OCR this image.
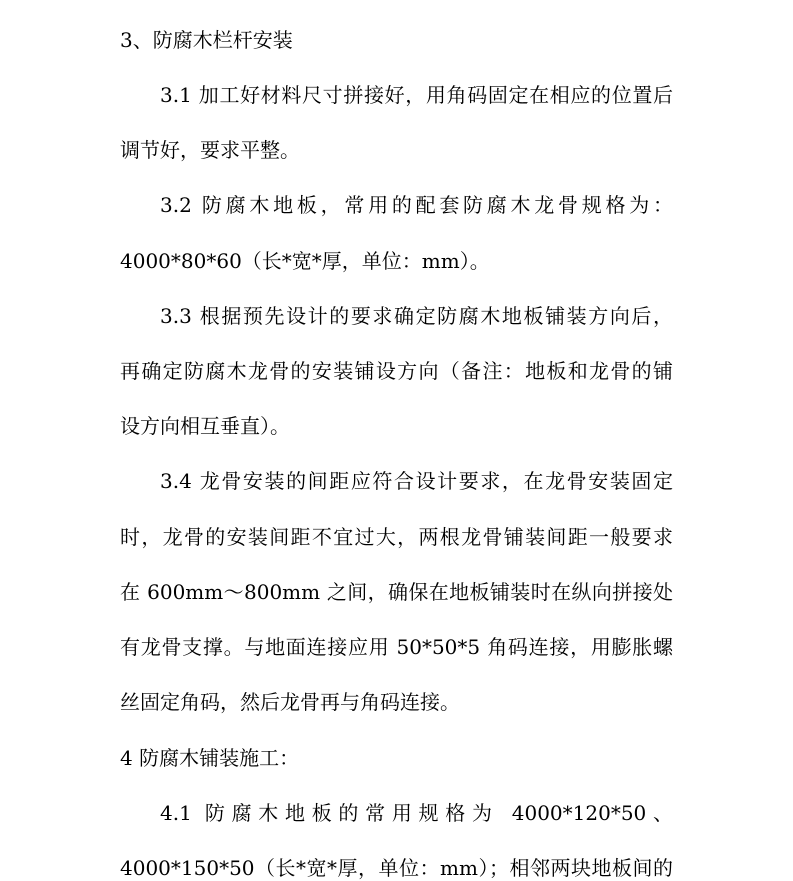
3、防腐木栏杆安装
3.1 加工好材料尺寸拼接好，用角码固定在相应的位置后
调节好，要求平整。
3.2 防腐木地板，常用的配套防腐木龙骨规格为：
4000*80*60（长*宽*厚，单位：mm）。
3.3 根据预先设计的要求确定防腐木地板铺装方向后，
再确定防腐木龙骨的安装铺设方向（备注：地板和龙骨的铺
设方向相互垂直）。
3.4 龙骨安装的间距应符合设计要求，在龙骨安装固定
时，龙骨的安装间距不宜过大，两根龙骨铺装间距一般要求
在 600mm～800mm 之间，确保在地板铺装时在纵向拼接处
有龙骨支撑。与地面连接应用 50*50*5 角码连接，用膨胀螺
丝固定角码，然后龙骨再与角码连接。
4 防腐木铺装施工：
4.1 防腐木地板的常用规格为 4000*120*50、
4000*150*50（长*宽*厚，单位：mm）；相邻两块地板间的
